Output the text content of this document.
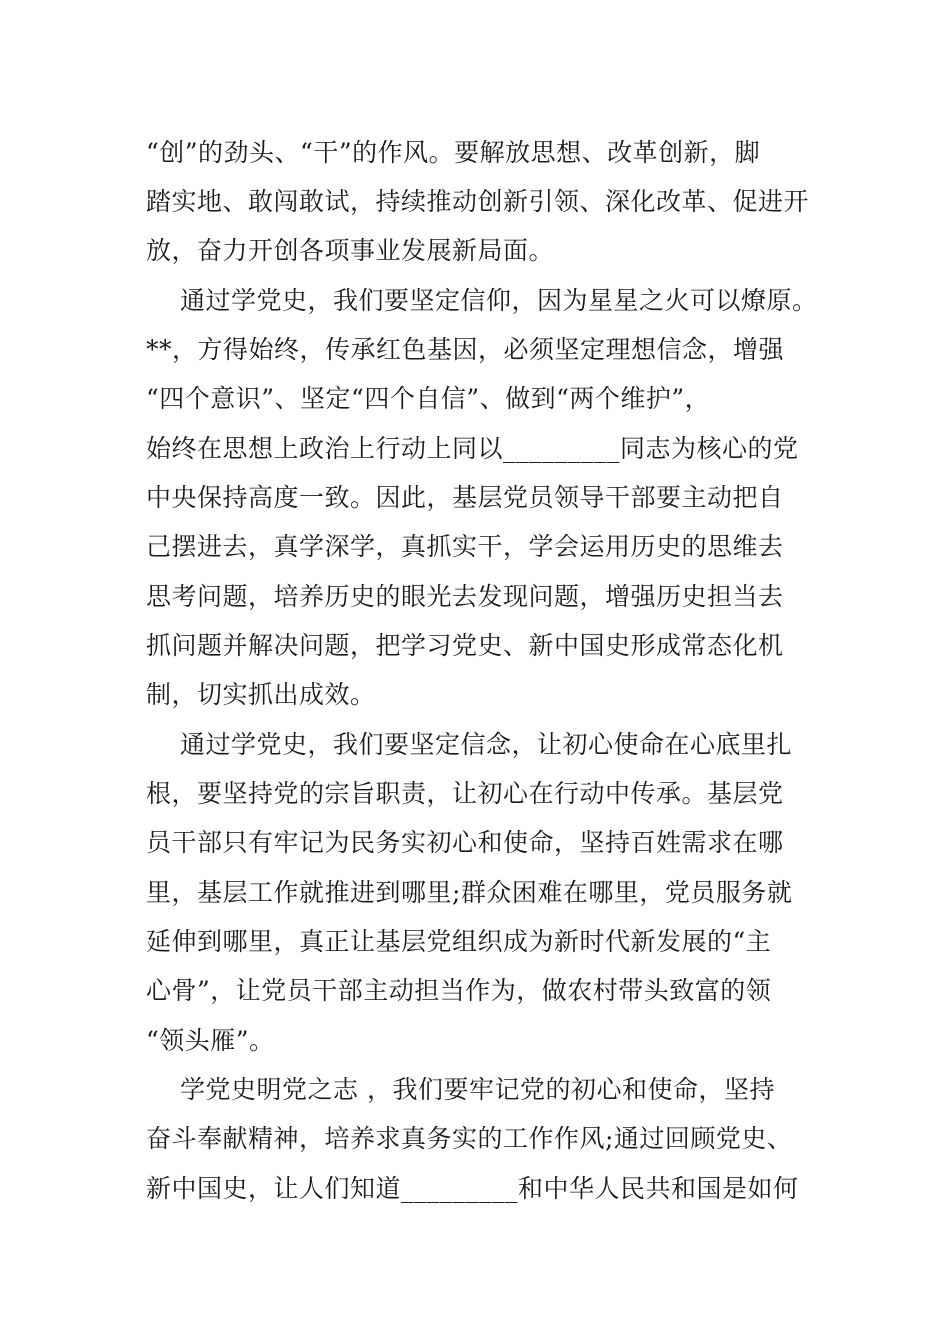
“创”的劲头、“干”的作风。要解放思想、改革创新，脚
踏实地、敢闯敢试，持续推动创新引领、深化改革、促进开
放，奋力开创各项事业发展新局面。
通过学党史，我们要坚定信仰，因为星星之火可以燎原。
**，方得始终，传承红色基因，必须坚定理想信念，增强
“四个意识”、坚定“四个自信”、做到“两个维护”，
始终在思想上政治上行动上同以_________同志为核心的党
中央保持高度一致。因此，基层党员领导干部要主动把自
己摆进去，真学深学，真抓实干，学会运用历史的思维去
思考问题，培养历史的眼光去发现问题，增强历史担当去
抓问题并解决问题，把学习党史、新中国史形成常态化机
制，切实抓出成效。
通过学党史，我们要坚定信念，让初心使命在心底里扎
根，要坚持党的宗旨职责，让初心在行动中传承。基层党
员干部只有牢记为民务实初心和使命，坚持百姓需求在哪
里，基层工作就推进到哪里;群众困难在哪里，党员服务就
延伸到哪里，真正让基层党组织成为新时代新发展的“主
心骨”，让党员干部主动担当作为，做农村带头致富的领
“领头雁”。
学党史明党之志 ，我们要牢记党的初心和使命，坚持
奋斗奉献精神，培养求真务实的工作作风;通过回顾党史、
新中国史，让人们知道_________和中华人民共和国是如何
